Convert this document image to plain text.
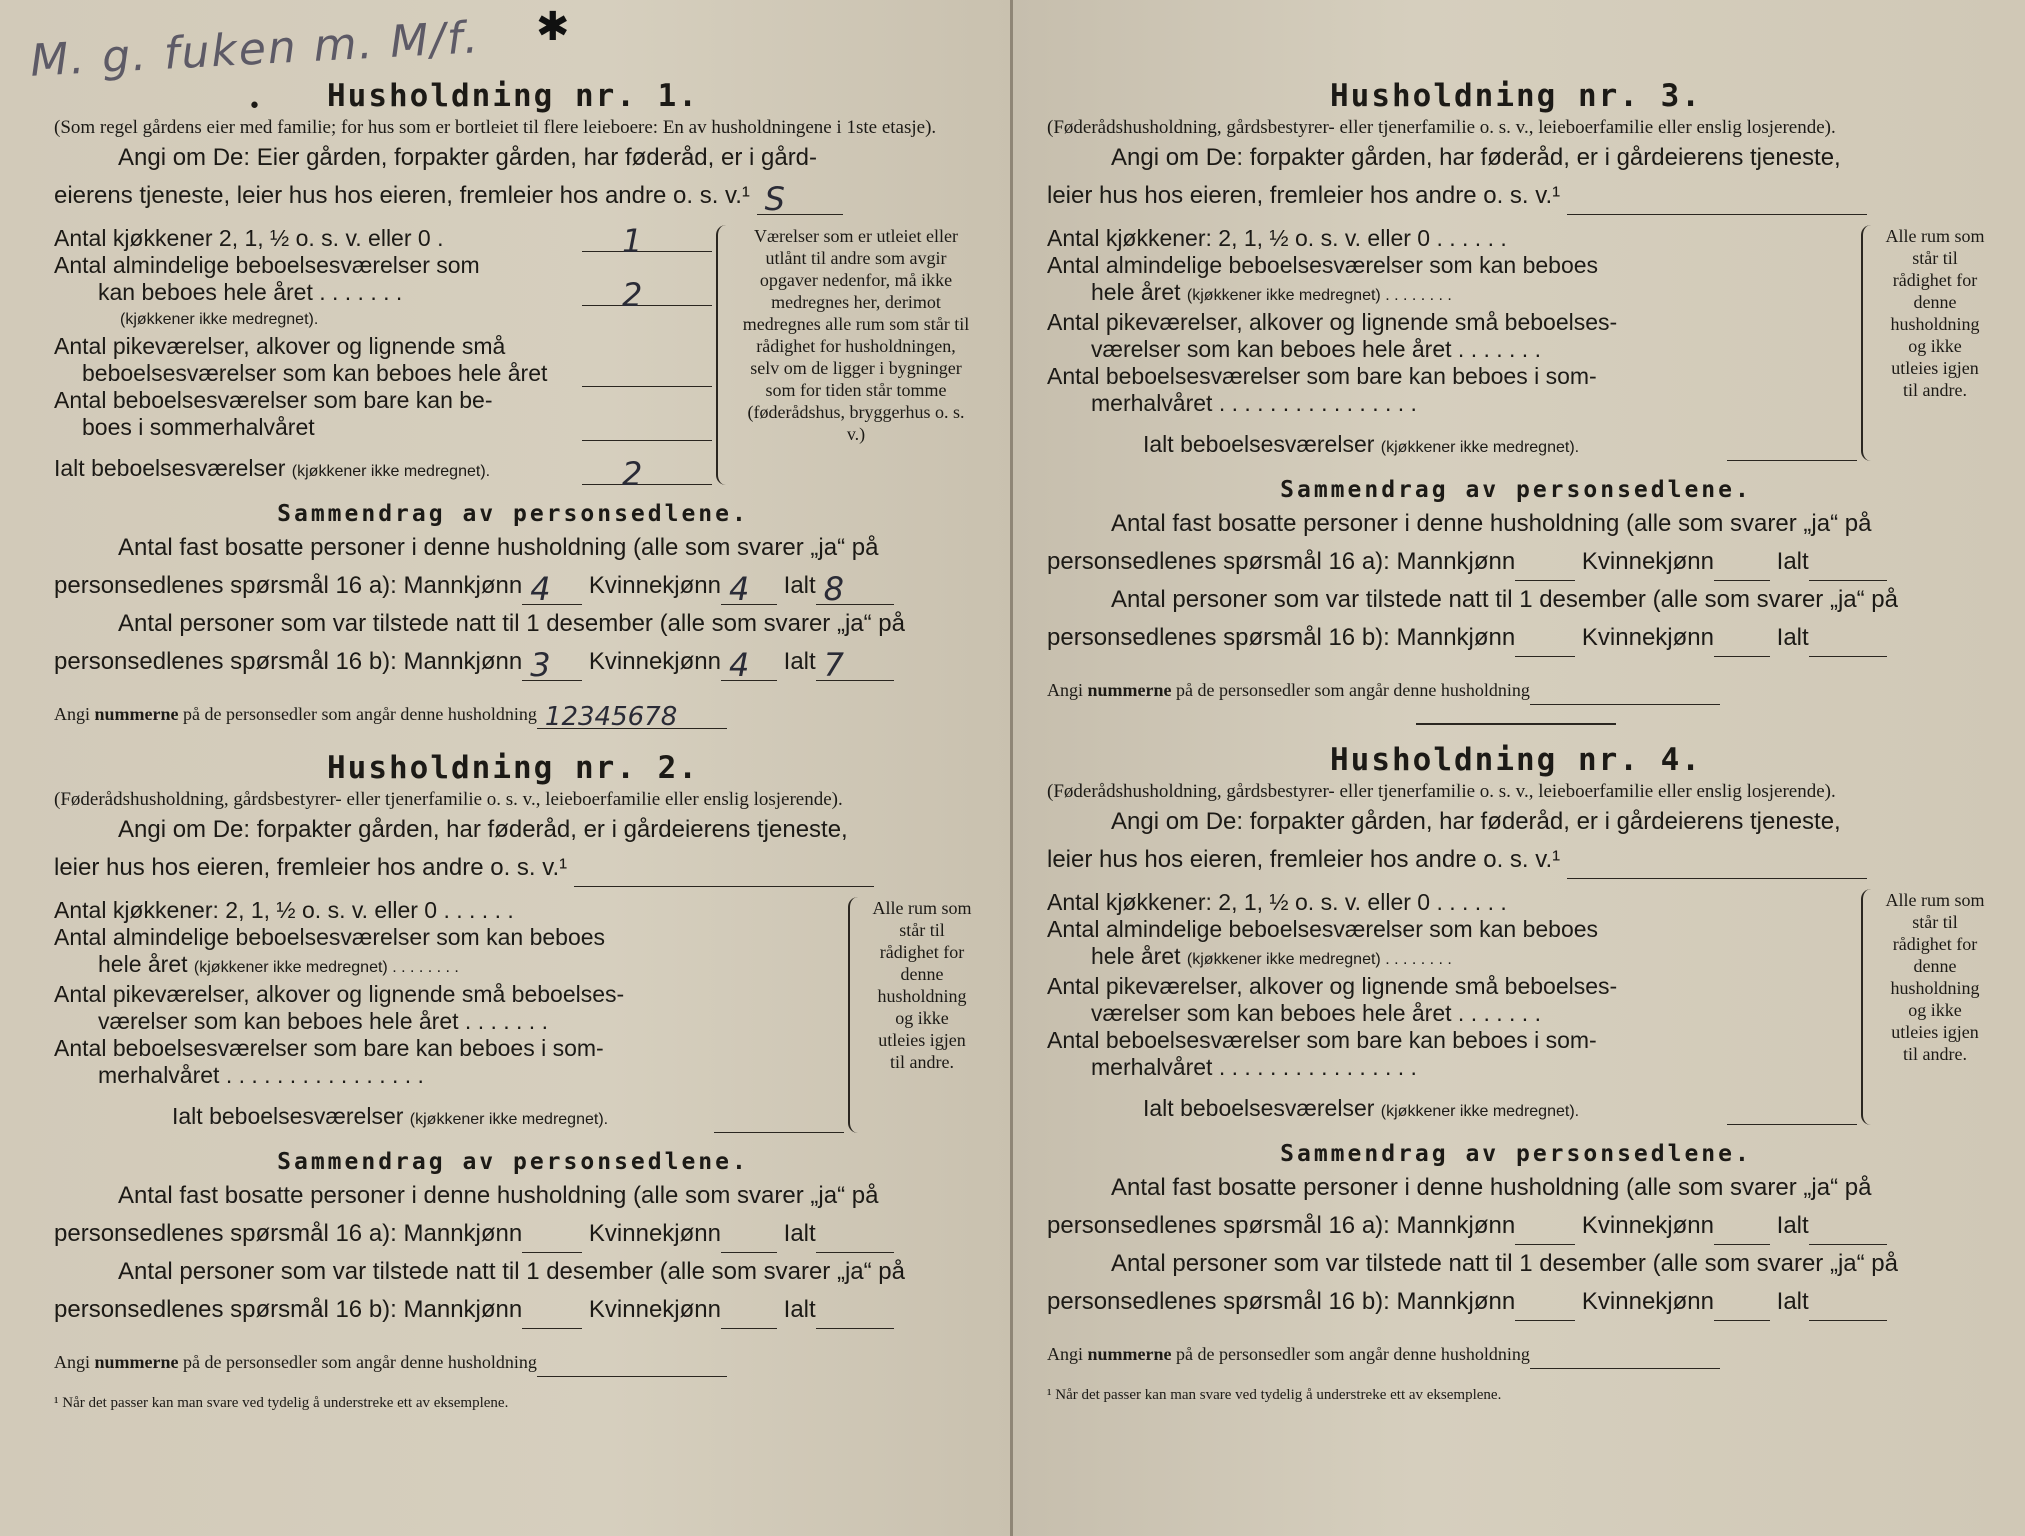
M. g. fuken m. M/f. ✱
•	Husholdning nr. 1.

(Som regel gårdens eier med familie; for hus som er bortleiet til flere leieboere: En av husholdningene i 1ste etasje).

Angi om De: Eier gården, forpakter gården, har føderåd, er i gård-

eierens tjeneste, leier hus hos eieren, fremleier hos andre o. s. v.¹ S

Antal kjøkkener 2, 1, ½ o. s. v. eller 0 .	1
Antal almindelige beboelsesværelser som
kan beboes hele året . . . . . . .	2
(kjøkkener ikke medregnet).
Antal pikeværelser, alkover og lignende små
beboelsesværelser som kan beboes hele året
Antal beboelsesværelser som bare kan be-
boes i sommerhalvåret
Ialt beboelsesværelser (kjøkkener ikke medregnet).	2
Værelser som er utleiet eller utlånt til andre som avgir opgaver nedenfor, må ikke medregnes her, derimot medregnes alle rum som står til rådighet for husholdningen, selv om de ligger i bygninger som for tiden står tomme (føderådshus, bryggerhus o. s. v.)

Sammendrag av personsedlene.

Antal fast bosatte personer i denne husholdning (alle som svarer „ja“ på

personsedlenes spørsmål 16 a): Mannkjønn 4 Kvinnekjønn 4 Ialt 8

Antal personer som var tilstede natt til 1 desember (alle som svarer „ja“ på

personsedlenes spørsmål 16 b): Mannkjønn 3 Kvinnekjønn 4 Ialt 7

Angi nummerne på de personsedler som angår denne husholdning 12345678

Husholdning nr. 2.

(Føderådshusholdning, gårdsbestyrer- eller tjenerfamilie o. s. v., leieboerfamilie eller enslig losjerende).

Angi om De: forpakter gården, har føderåd, er i gårdeierens tjeneste,

leier hus hos eieren, fremleier hos andre o. s. v.¹

Antal kjøkkener: 2, 1, ½ o. s. v. eller 0 . . . . . .
Antal almindelige beboelsesværelser som kan beboes
hele året (kjøkkener ikke medregnet) . . . . . . . .
Antal pikeværelser, alkover og lignende små beboelses-
værelser som kan beboes hele året . . . . . . .
Antal beboelsesværelser som bare kan beboes i som-
merhalvåret . . . . . . . . . . . . . . . .
Ialt beboelsesværelser (kjøkkener ikke medregnet).
Alle rum som står til rådighet for denne husholdning og ikke utleies igjen til andre.

Sammendrag av personsedlene.

Antal fast bosatte personer i denne husholdning (alle som svarer „ja“ på

personsedlenes spørsmål 16 a): Mannkjønn	Kvinnekjønn	Ialt

Antal personer som var tilstede natt til 1 desember (alle som svarer „ja“ på

personsedlenes spørsmål 16 b): Mannkjønn	Kvinnekjønn	Ialt

Angi nummerne på de personsedler som angår denne husholdning

¹ Når det passer kan man svare ved tydelig å understreke ett av eksemplene.

Husholdning nr. 3.

(Føderådshusholdning, gårdsbestyrer- eller tjenerfamilie o. s. v., leieboerfamilie eller enslig losjerende).

Angi om De: forpakter gården, har føderåd, er i gårdeierens tjeneste,

leier hus hos eieren, fremleier hos andre o. s. v.¹

Antal kjøkkener: 2, 1, ½ o. s. v. eller 0 . . . . . .
Antal almindelige beboelsesværelser som kan beboes
hele året (kjøkkener ikke medregnet) . . . . . . . .
Antal pikeværelser, alkover og lignende små beboelses-
værelser som kan beboes hele året . . . . . . .
Antal beboelsesværelser som bare kan beboes i som-
merhalvåret . . . . . . . . . . . . . . . .
Ialt beboelsesværelser (kjøkkener ikke medregnet).
Alle rum som står til rådighet for denne husholdning og ikke utleies igjen til andre.

Sammendrag av personsedlene.

Antal fast bosatte personer i denne husholdning (alle som svarer „ja“ på

personsedlenes spørsmål 16 a): Mannkjønn	Kvinnekjønn	Ialt

Antal personer som var tilstede natt til 1 desember (alle som svarer „ja“ på

personsedlenes spørsmål 16 b): Mannkjønn	Kvinnekjønn	Ialt

Angi nummerne på de personsedler som angår denne husholdning

Husholdning nr. 4.

(Føderådshusholdning, gårdsbestyrer- eller tjenerfamilie o. s. v., leieboerfamilie eller enslig losjerende).

Angi om De: forpakter gården, har føderåd, er i gårdeierens tjeneste,

leier hus hos eieren, fremleier hos andre o. s. v.¹

Antal kjøkkener: 2, 1, ½ o. s. v. eller 0 . . . . . .
Antal almindelige beboelsesværelser som kan beboes
hele året (kjøkkener ikke medregnet) . . . . . . . .
Antal pikeværelser, alkover og lignende små beboelses-
værelser som kan beboes hele året . . . . . . .
Antal beboelsesværelser som bare kan beboes i som-
merhalvåret . . . . . . . . . . . . . . . .
Ialt beboelsesværelser (kjøkkener ikke medregnet).
Alle rum som står til rådighet for denne husholdning og ikke utleies igjen til andre.

Sammendrag av personsedlene.

Antal fast bosatte personer i denne husholdning (alle som svarer „ja“ på

personsedlenes spørsmål 16 a): Mannkjønn	Kvinnekjønn	Ialt

Antal personer som var tilstede natt til 1 desember (alle som svarer „ja“ på

personsedlenes spørsmål 16 b): Mannkjønn	Kvinnekjønn	Ialt

Angi nummerne på de personsedler som angår denne husholdning

¹ Når det passer kan man svare ved tydelig å understreke ett av eksemplene.
